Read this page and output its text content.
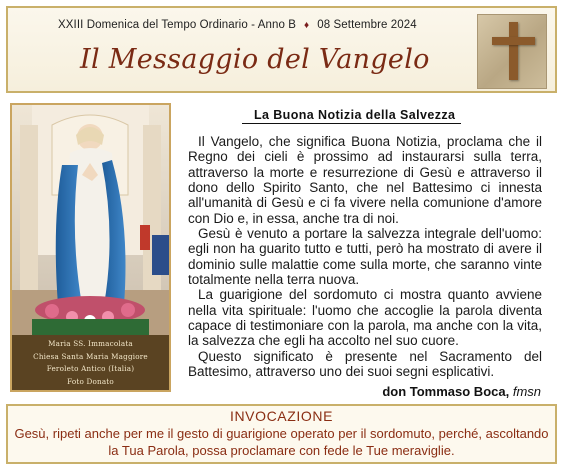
XXIII Domenica del Tempo Ordinario - Anno B ♦ 08 Settembre 2024
Il Messaggio del Vangelo
Maria SS. Immacolata
Chiesa Santa Maria Maggiore
Feroleto Antico (Italia)
Foto Donato
La Buona Notizia della Salvezza

Il Vangelo, che significa Buona Notizia, proclama che il Regno dei cieli è prossimo ad instaurarsi sulla terra, attraverso la morte e resurrezione di Gesù e attraverso il dono dello Spirito Santo, che nel Battesimo ci innesta all'umanità di Gesù e ci fa vivere nella comunione d'amore con Dio e, in essa, anche tra di noi.

Gesù è venuto a portare la salvezza integrale dell'uomo: egli non ha guarito tutto e tutti, però ha mostrato di avere il dominio sulle malattie come sulla morte, che saranno vinte totalmente nella terra nuova.

La guarigione del sordomuto ci mostra quanto avviene nella vita spirituale: l'uomo che accoglie la parola diventa capace di testimoniare con la parola, ma anche con la vita, la salvezza che egli ha accolto nel suo cuore.

Questo significato è presente nel Sacramento del Battesimo, attraverso uno dei suoi segni esplicativi.

don Tommaso Boca, fmsn
INVOCAZIONE
Gesù, ripeti anche per me il gesto di guarigione operato per il sordomuto, perché, ascoltando la Tua Parola, possa proclamare con fede le Tue meraviglie.
